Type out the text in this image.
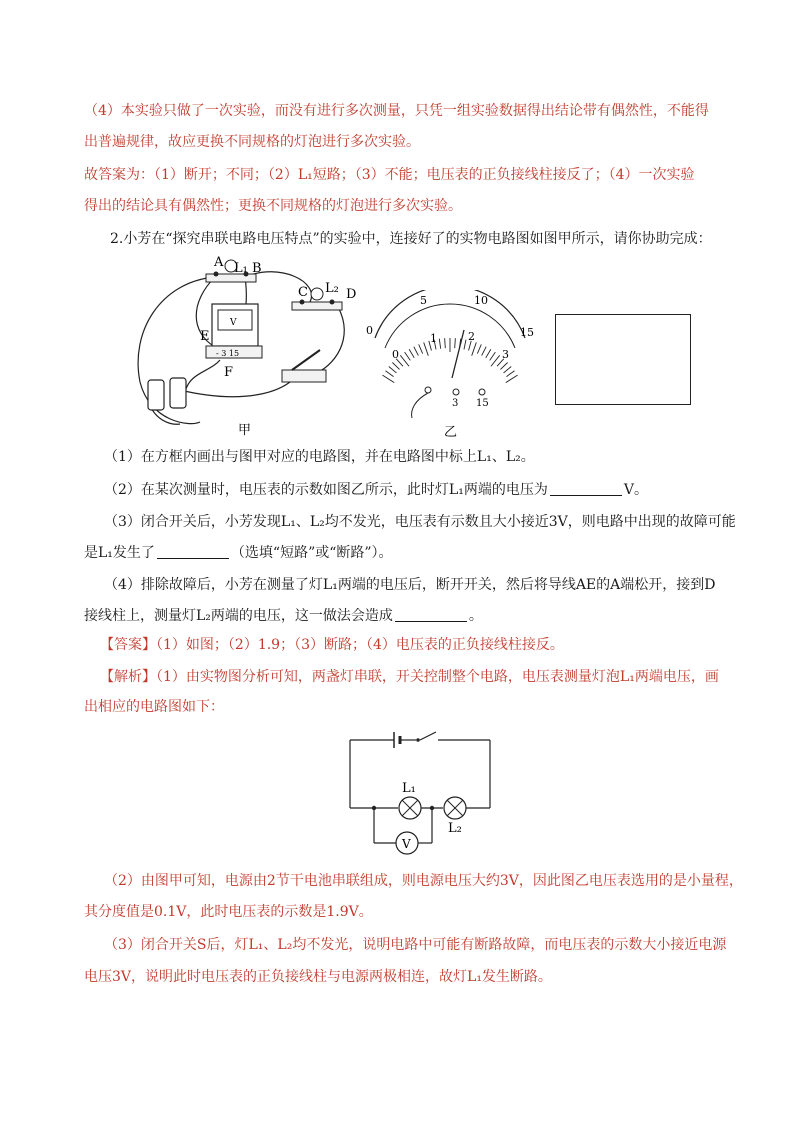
（4）本实验只做了一次实验，而没有进行多次测量，只凭一组实验数据得出结论带有偶然性，不能得

出普遍规律，故应更换不同规格的灯泡进行多次实验。

故答案为：（1）断开；不同；（2）L₁短路；（3）不能；电压表的正负接线柱接反了；（4）一次实验

得出的结论具有偶然性；更换不同规格的灯泡进行多次实验。

2.小芳在“探究串联电路电压特点”的实验中，连接好了的实物电路图如图甲所示，请你协助完成：

A L₁ B
C L₂ D
E
F
V
- 3 15
甲
0
5	10
15
0
1	2
3
3 15
乙

（1）在方框内画出与图甲对应的电路图，并在电路图中标上L₁、L₂。

（2）在某次测量时，电压表的示数如图乙所示，此时灯L₁两端的电压为	V。

（3）闭合开关后，小芳发现L₁、L₂均不发光，电压表有示数且大小接近3V，则电路中出现的故障可能

是L₁发生了	（选填“短路”或“断路”）。

（4）排除故障后，小芳在测量了灯L₁两端的电压后，断开开关，然后将导线AE的A端松开，接到D

接线柱上，测量灯L₂两端的电压，这一做法会造成	。

【答案】（1）如图；（2）1.9；（3）断路；（4）电压表的正负接线柱接反。

【解析】（1）由实物图分析可知，两盏灯串联，开关控制整个电路，电压表测量灯泡L₁两端电压，画

出相应的电路图如下：

L₁
L₂
V

（2）由图甲可知，电源由2节干电池串联组成，则电源电压大约3V，因此图乙电压表选用的是小量程，

其分度值是0.1V，此时电压表的示数是1.9V。

（3）闭合开关S后，灯L₁、L₂均不发光，说明电路中可能有断路故障，而电压表的示数大小接近电源

电压3V，说明此时电压表的正负接线柱与电源两极相连，故灯L₁发生断路。
